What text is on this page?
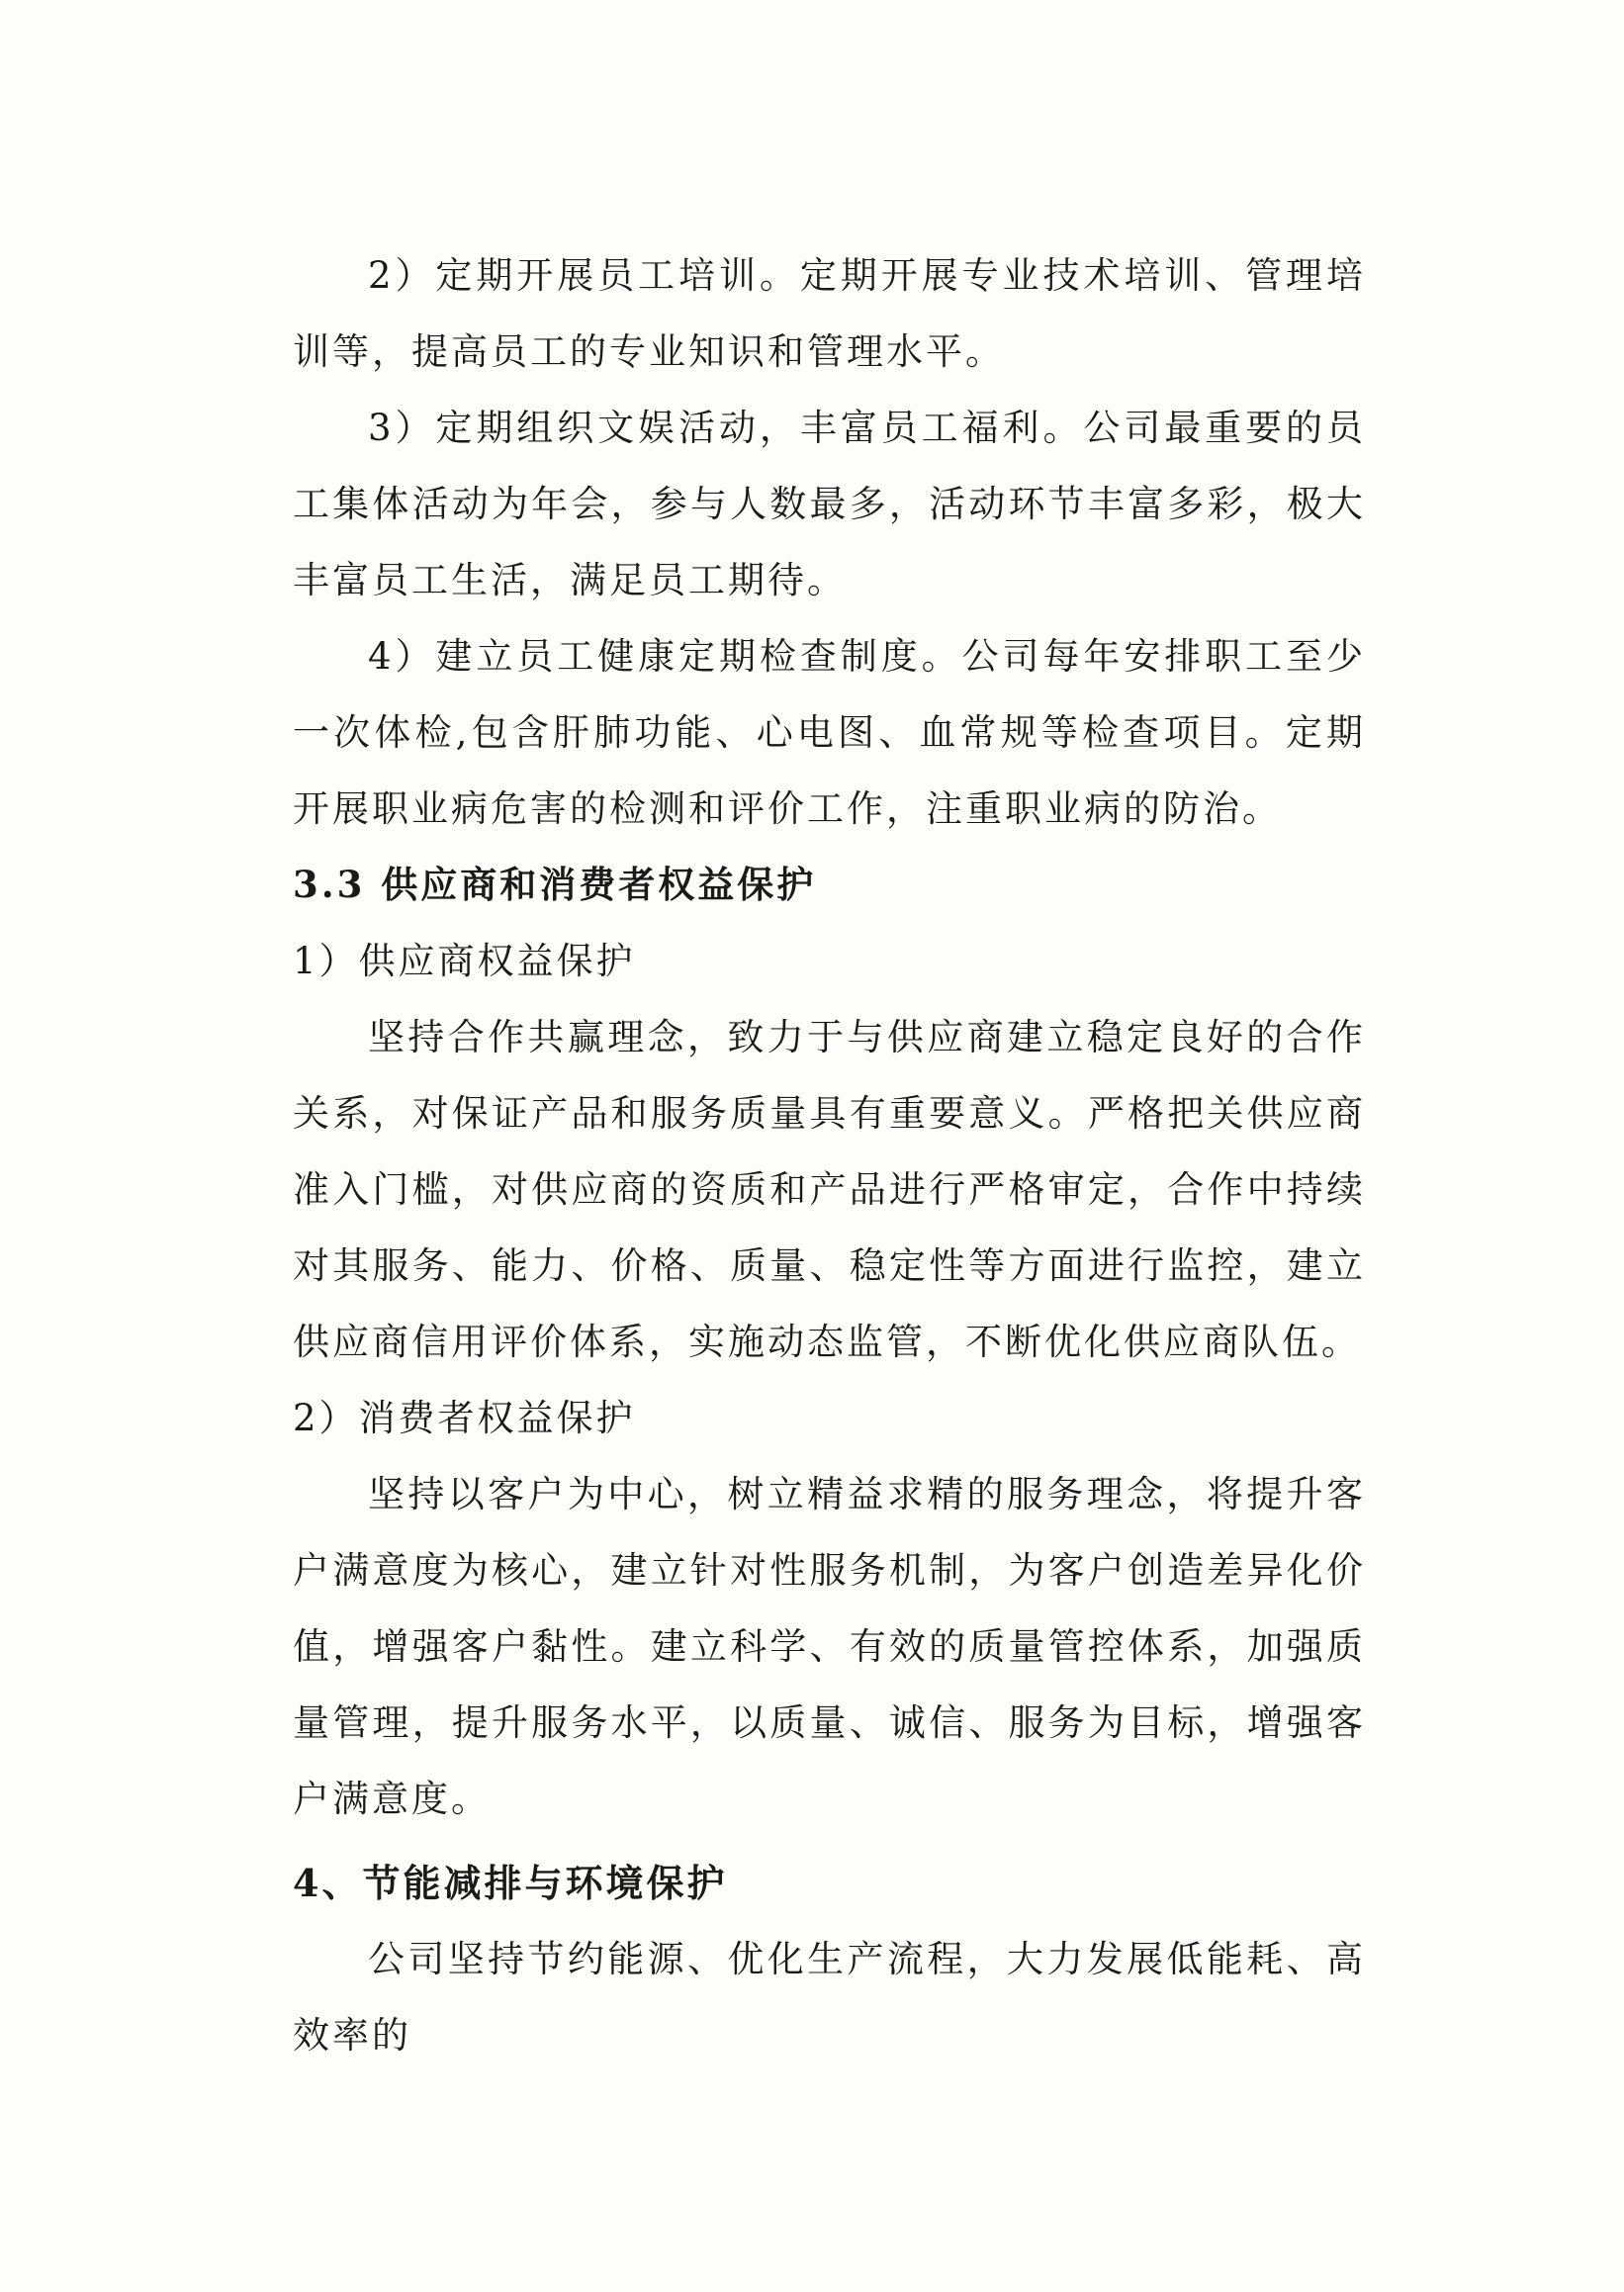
2）定期开展员工培训。定期开展专业技术培训、管理培训等，提高员工的专业知识和管理水平。

3）定期组织文娱活动，丰富员工福利。公司最重要的员工集体活动为年会，参与人数最多，活动环节丰富多彩，极大丰富员工生活，满足员工期待。

4）建立员工健康定期检查制度。公司每年安排职工至少一次体检,包含肝肺功能、心电图、血常规等检查项目。定期开展职业病危害的检测和评价工作，注重职业病的防治。

3.3 供应商和消费者权益保护

1）供应商权益保护

坚持合作共赢理念，致力于与供应商建立稳定良好的合作关系，对保证产品和服务质量具有重要意义。严格把关供应商准入门槛，对供应商的资质和产品进行严格审定，合作中持续对其服务、能力、价格、质量、稳定性等方面进行监控，建立供应商信用评价体系，实施动态监管，不断优化供应商队伍。

2）消费者权益保护

坚持以客户为中心，树立精益求精的服务理念，将提升客户满意度为核心，建立针对性服务机制，为客户创造差异化价值，增强客户黏性。建立科学、有效的质量管控体系，加强质量管理，提升服务水平，以质量、诚信、服务为目标，增强客户满意度。

4、节能减排与环境保护

公司坚持节约能源、优化生产流程，大力发展低能耗、高效率的
